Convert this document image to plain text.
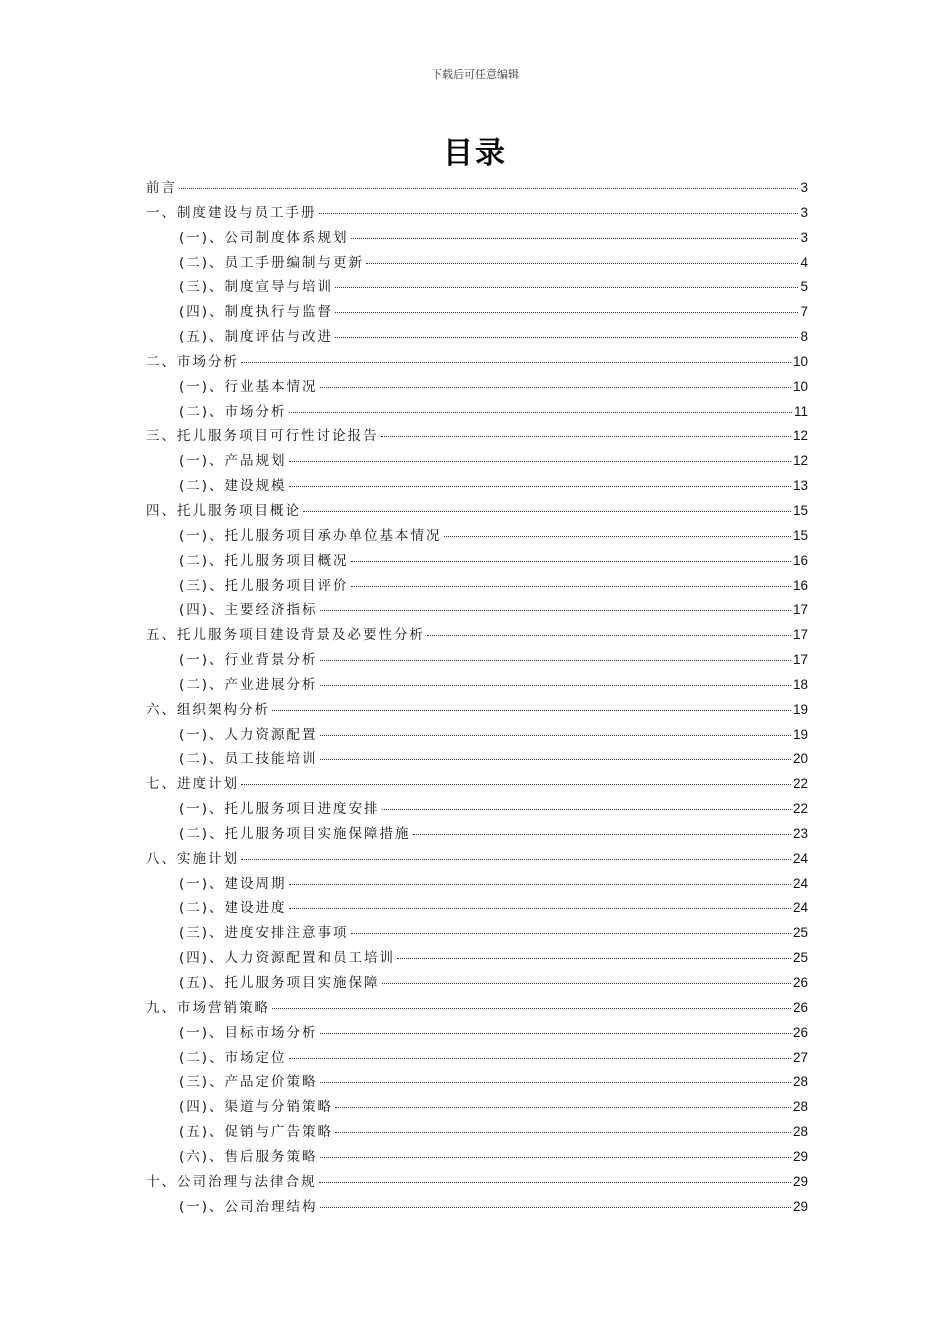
下载后可任意编辑
目录
前言	3
一、制度建设与员工手册	3
(一)、公司制度体系规划	3
(二)、员工手册编制与更新	4
(三)、制度宣导与培训	5
(四)、制度执行与监督	7
(五)、制度评估与改进	8
二、市场分析	10
(一)、行业基本情况	10
(二)、市场分析	11
三、托儿服务项目可行性讨论报告	12
(一)、产品规划	12
(二)、建设规模	13
四、托儿服务项目概论	15
(一)、托儿服务项目承办单位基本情况	15
(二)、托儿服务项目概况	16
(三)、托儿服务项目评价	16
(四)、主要经济指标	17
五、托儿服务项目建设背景及必要性分析	17
(一)、行业背景分析	17
(二)、产业进展分析	18
六、组织架构分析	19
(一)、人力资源配置	19
(二)、员工技能培训	20
七、进度计划	22
(一)、托儿服务项目进度安排	22
(二)、托儿服务项目实施保障措施	23
八、实施计划	24
(一)、建设周期	24
(二)、建设进度	24
(三)、进度安排注意事项	25
(四)、人力资源配置和员工培训	25
(五)、托儿服务项目实施保障	26
九、市场营销策略	26
(一)、目标市场分析	26
(二)、市场定位	27
(三)、产品定价策略	28
(四)、渠道与分销策略	28
(五)、促销与广告策略	28
(六)、售后服务策略	29
十、公司治理与法律合规	29
(一)、公司治理结构	29
